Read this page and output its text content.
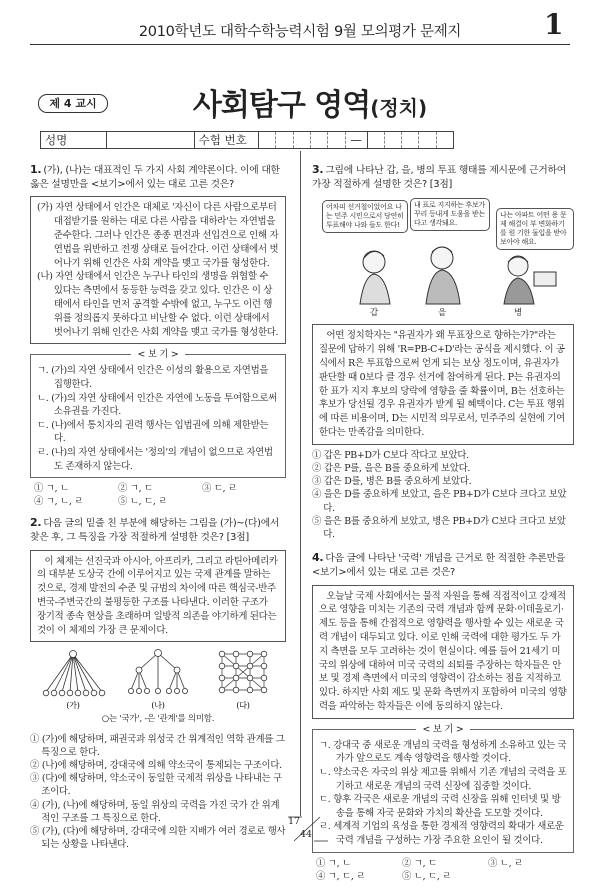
2010학년도 대학수학능력시험 9월 모의평가 문제지	1
제 4 교시	사회탐구 영역(정치)
성명	수험 번호	—
1. (가), (나)는 대표적인 두 가지 사회 계약론이다. 이에 대한 옳은 설명만을 <보기>에서 있는 대로 고른 것은?

(가) 자연 상태에서 인간은 대체로 '자신이 다른 사람으로부터 대접받기를 원하는 대로 다른 사람을 대하라'는 자연법을 준수한다. 그러나 인간은 종종 편견과 선입견으로 인해 자연법을 위반하고 전쟁 상태로 들어간다. 이런 상태에서 벗어나기 위해 인간은 사회 계약을 맺고 국가를 형성한다.

(나) 자연 상태에서 인간은 누구나 타인의 생명을 위협할 수 있다는 측면에서 동등한 능력을 갖고 있다. 인간은 이 상태에서 타인을 먼저 공격할 수밖에 없고, 누구도 이런 행위를 정의롭지 못하다고 비난할 수 없다. 이런 상태에서 벗어나기 위해 인간은 사회 계약을 맺고 국가를 형성한다.

< 보 기 >
ㄱ. (가)의 자연 상태에서 인간은 이성의 활용으로 자연법을 집행한다.
ㄴ. (가)의 자연 상태에서 인간은 자연에 노동을 투여함으로써 소유권을 가진다.
ㄷ. (나)에서 통치자의 권력 행사는 입법권에 의해 제한받는다.
ㄹ. (나)의 자연 상태에서는 '정의'의 개념이 없으므로 자연법도 존재하지 않는다.
① ㄱ, ㄴ	② ㄱ, ㄷ	③ ㄷ, ㄹ
④ ㄱ, ㄴ, ㄹ	⑤ ㄴ, ㄷ, ㄹ
2. 다음 글의 밑줄 친 부분에 해당하는 그림을 (가)~(다)에서 찾은 후, 그 특징을 가장 적절하게 설명한 것은? [3점]
이 체제는 선진국과 아시아, 아프리카, 그리고 라틴아메리카의 대부분 도상국 간에 이루어지고 있는 국제 관계를 말하는 것으로, 경제 발전의 수준 및 규범의 차이에 따른 핵심국-반주변국-주변국간의 불평등한 구조를 나타낸다. 이러한 구조가 장기적 종속 현상을 초래하며 일방적 의존을 야기하게 된다는 것이 이 체제의 가장 큰 문제이다.
(가)	(나)	(다)
○는 '국가', -은 '관계'를 의미함.
① (가)에 해당하며, 패권국과 위성국 간 위계적인 역학 관계를 그 특징으로 한다.
② (나)에 해당하며, 강대국에 의해 약소국이 통제되는 구조이다.
③ (다)에 해당하며, 약소국이 동일한 국제적 위상을 나타내는 구조이다.
④ (가), (나)에 해당하며, 동일 위상의 국력을 가진 국가 간 위계적인 구조를 그 특징으로 한다.
⑤ (가), (다)에 해당하며, 강대국에 의한 지배가 여러 경로로 행사되는 상황을 나타낸다.
3. 그림에 나타난 갑, 을, 병의 투표 행태를 제시문에 근거하여 가장 적절하게 설명한 것은? [3점]
어차피 선거철이었어요 나는 민주 시민으로서 당연히 투표해야 나와 들도 한다!
내 표로 지지하는 후보가 꾸리 등내게 도움을 받는다고 생각돼요.
나는 아파트 어떤 용 문제 해결이 부 변화하기를 원 기한 둘입을 받아 보아야 해요.
갑	을	병
어떤 정치학자는 "유권자가 왜 투표장으로 향하는가?"라는 질문에 답하기 위해 'R=PB-C+D'라는 공식을 제시했다. 이 공식에서 R은 투표함으로써 얻게 되는 보상 정도이며, 유권자가 판단할 때 0보다 클 경우 선거에 참여하게 된다. P는 유권자의 한 표가 지지 후보의 당락에 영향을 줄 확률이며, B는 선호하는 후보가 당선될 경우 유권자가 받게 될 혜택이다. C는 투표 행위에 따른 비용이며, D는 시민적 의무로서, 민주주의 실현에 기여한다는 만족감을 의미한다.
① 갑은 PB+D가 C보다 작다고 보았다.
② 갑은 P를, 을은 B를 중요하게 보았다.
③ 갑은 D를, 병은 B를 중요하게 보았다.
④ 을은 D를 중요하게 보았고, 을은 PB+D가 C보다 크다고 보았다.
⑤ 을은 B를 중요하게 보았고, 병은 PB+D가 C보다 크다고 보았다.
4. 다음 글에 나타난 '국력' 개념을 근거로 한 적절한 추론만을 <보기>에서 있는 대로 고른 것은?
오늘날 국제 사회에서는 물적 자원을 통해 직접적이고 강제적으로 영향을 미치는 기존의 국력 개념과 함께 문화·이데올로기·제도 등을 통해 간접적으로 영향력을 행사할 수 있는 새로운 국력 개념이 대두되고 있다. 이로 인해 국력에 대한 평가도 두 가지 측면을 모두 고려하는 것이 현실이다. 예를 들어 21세기 미국의 위상에 대하여 미국 국력의 쇠퇴를 주장하는 학자들은 안보 및 경제 측면에서 미국의 영향력이 감소하는 점을 지적하고 있다. 하지만 사회 제도 및 문화 측면까지 포함하여 미국의 영향력을 파악하는 학자들은 이에 동의하지 않는다.
< 보 기 >
ㄱ. 강대국 중 새로운 개념의 국력을 형성하게 소유하고 있는 국가가 앞으로도 계속 영향력을 행사할 것이다.
ㄴ. 약소국은 자국의 위상 제고를 위해서 기존 개념의 국력을 포기하고 새로운 개념의 국력 신장에 집중할 것이다.
ㄷ. 향후 각국은 새로운 개념의 국력 신장을 위해 인터넷 및 방송을 통해 자국 문화와 가치의 확산을 도모할 것이다.
ㄹ. 세계적 기업의 육성을 통한 경제적 영향력의 확대가 새로운 국력 개념을 구성하는 가장 주요한 요인이 될 것이다.
① ㄱ, ㄴ	② ㄱ, ㄷ	③ ㄴ, ㄹ
④ ㄱ, ㄷ, ㄹ	⑤ ㄴ, ㄷ, ㄹ
17
44
